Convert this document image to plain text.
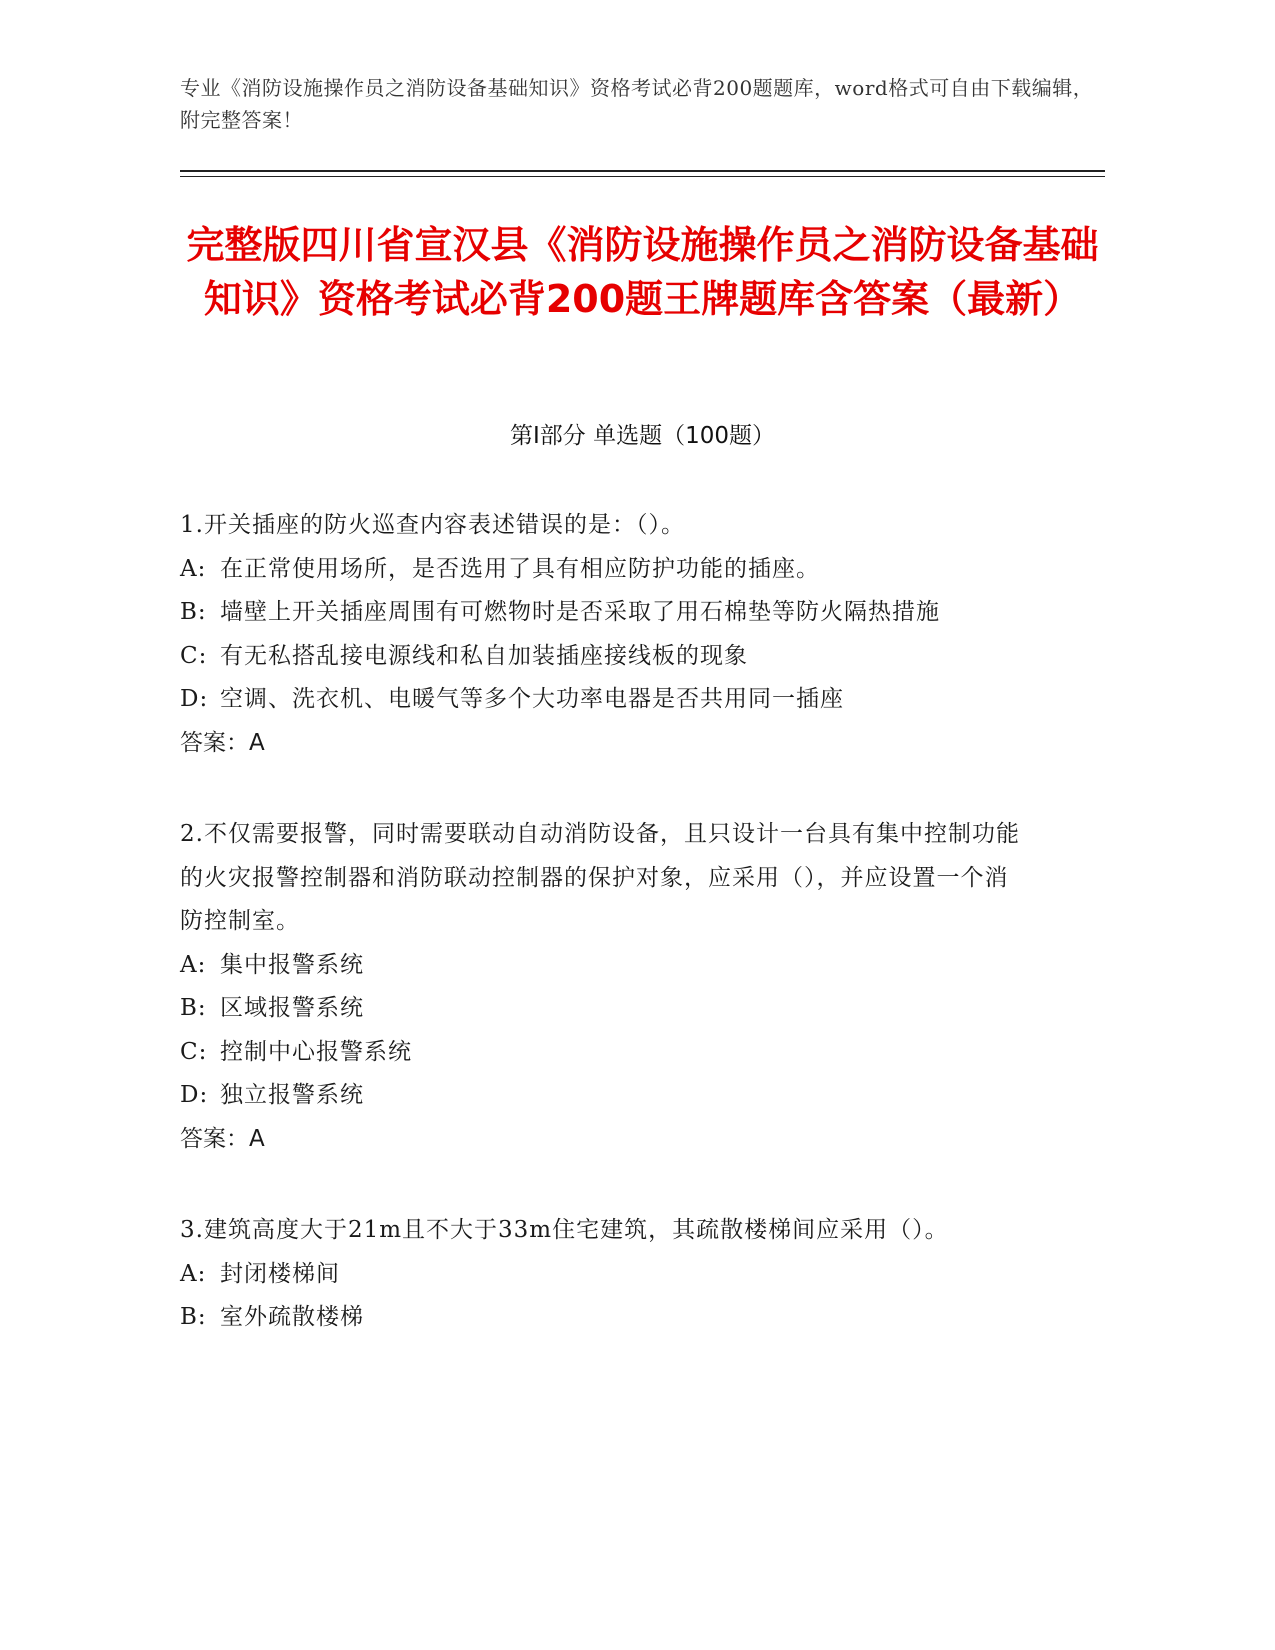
专业《消防设施操作员之消防设备基础知识》资格考试必背200题题库，word格式可自由下载编辑，附完整答案！
完整版四川省宣汉县《消防设施操作员之消防设备基础知识》资格考试必背200题王牌题库含答案（最新）
第I部分 单选题（100题）

1.开关插座的防火巡查内容表述错误的是：（）。

A: 在正常使用场所，是否选用了具有相应防护功能的插座。

B: 墙壁上开关插座周围有可燃物时是否采取了用石棉垫等防火隔热措施

C: 有无私搭乱接电源线和私自加装插座接线板的现象

D: 空调、洗衣机、电暖气等多个大功率电器是否共用同一插座

答案：A

2.不仅需要报警，同时需要联动自动消防设备，且只设计一台具有集中控制功能的火灾报警控制器和消防联动控制器的保护对象，应采用（），并应设置一个消防控制室。

A: 集中报警系统

B: 区域报警系统

C: 控制中心报警系统

D: 独立报警系统

答案：A

3.建筑高度大于21m且不大于33m住宅建筑，其疏散楼梯间应采用（）。

A: 封闭楼梯间

B: 室外疏散楼梯
